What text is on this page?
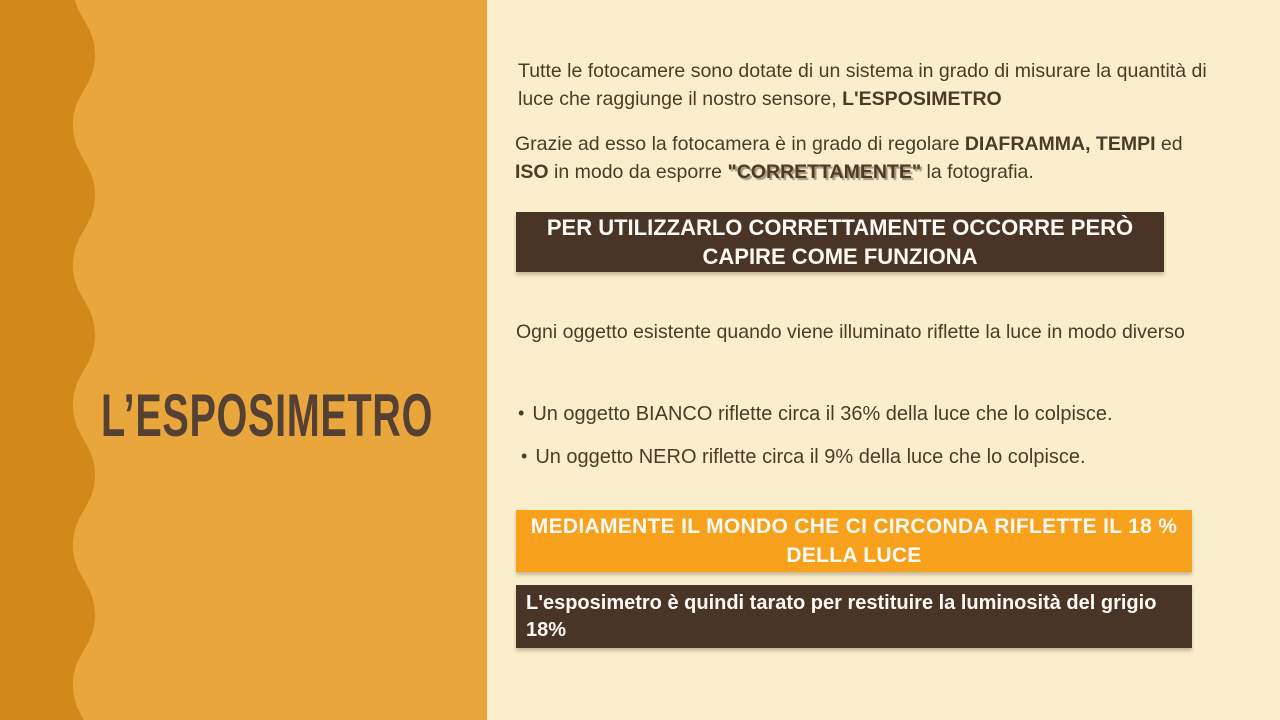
L’ESPOSIMETRO

Tutte le fotocamere sono dotate di un sistema in grado di misurare la quantità di luce che raggiunge il nostro sensore, L'ESPOSIMETRO

Grazie ad esso la fotocamera è in grado di regolare DIAFRAMMA, TEMPI ed ISO in modo da esporre "CORRETTAMENTE" la fotografia.

PER UTILIZZARLO CORRETTAMENTE OCCORRE PERÒ CAPIRE COME FUNZIONA

Ogni oggetto esistente quando viene illuminato riflette la luce in modo diverso

• Un oggetto BIANCO riflette circa il 36% della luce che lo colpisce.
• Un oggetto NERO riflette circa il 9% della luce che lo colpisce.
MEDIAMENTE IL MONDO CHE CI CIRCONDA RIFLETTE IL 18 % DELLA LUCE
L'esposimetro è quindi tarato per restituire la luminosità del grigio 18%
